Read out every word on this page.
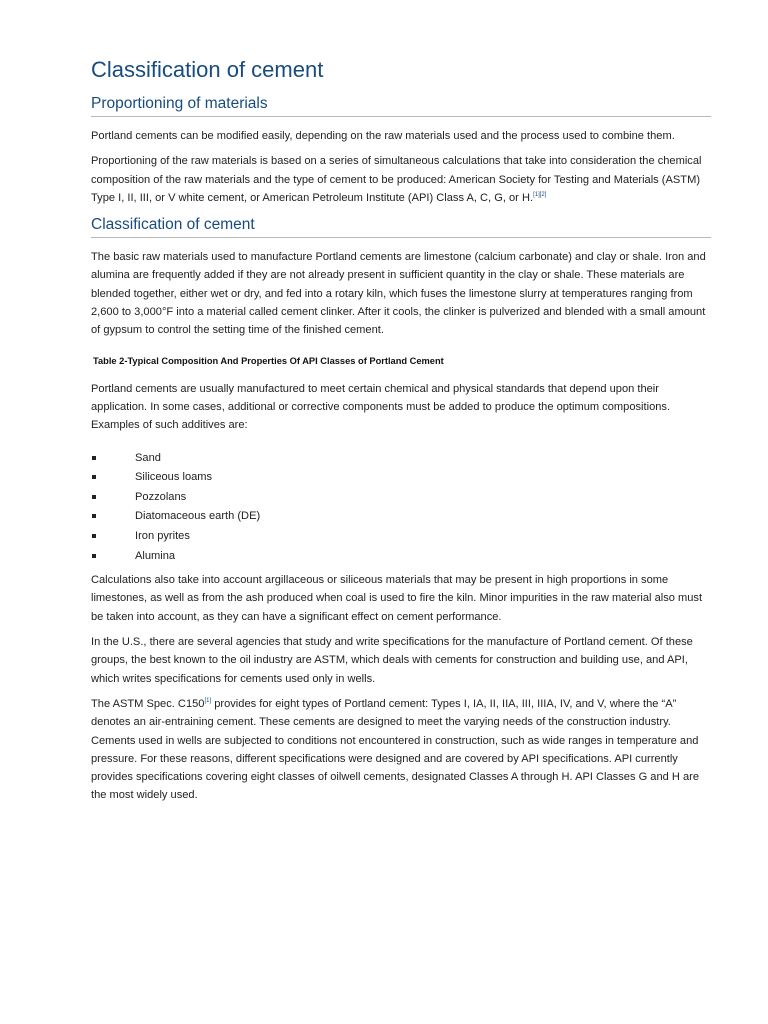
Classification of cement
Proportioning of materials

Portland cements can be modified easily, depending on the raw materials used and the process used to combine them.

Proportioning of the raw materials is based on a series of simultaneous calculations that take into consideration the chemical composition of the raw materials and the type of cement to be produced: American Society for Testing and Materials (ASTM) Type I, II, III, or V white cement, or American Petroleum Institute (API) Class A, C, G, or H.[1][2]

Classification of cement

The basic raw materials used to manufacture Portland cements are limestone (calcium carbonate) and clay or shale. Iron and alumina are frequently added if they are not already present in sufficient quantity in the clay or shale. These materials are blended together, either wet or dry, and fed into a rotary kiln, which fuses the limestone slurry at temperatures ranging from 2,600 to 3,000°F into a material called cement clinker. After it cools, the clinker is pulverized and blended with a small amount of gypsum to control the setting time of the finished cement.

Table 2-Typical Composition And Properties Of API Classes of Portland Cement

Portland cements are usually manufactured to meet certain chemical and physical standards that depend upon their application. In some cases, additional or corrective components must be added to produce the optimum compositions. Examples of such additives are:

Sand
Siliceous loams
Pozzolans
Diatomaceous earth (DE)
Iron pyrites
Alumina

Calculations also take into account argillaceous or siliceous materials that may be present in high proportions in some limestones, as well as from the ash produced when coal is used to fire the kiln. Minor impurities in the raw material also must be taken into account, as they can have a significant effect on cement performance.

In the U.S., there are several agencies that study and write specifications for the manufacture of Portland cement. Of these groups, the best known to the oil industry are ASTM, which deals with cements for construction and building use, and API, which writes specifications for cements used only in wells.

The ASTM Spec. C150[1] provides for eight types of Portland cement: Types I, IA, II, IIA, III, IIIA, IV, and V, where the “A” denotes an air-entraining cement. These cements are designed to meet the varying needs of the construction industry. Cements used in wells are subjected to conditions not encountered in construction, such as wide ranges in temperature and pressure. For these reasons, different specifications were designed and are covered by API specifications. API currently provides specifications covering eight classes of oilwell cements, designated Classes A through H. API Classes G and H are the most widely used.
